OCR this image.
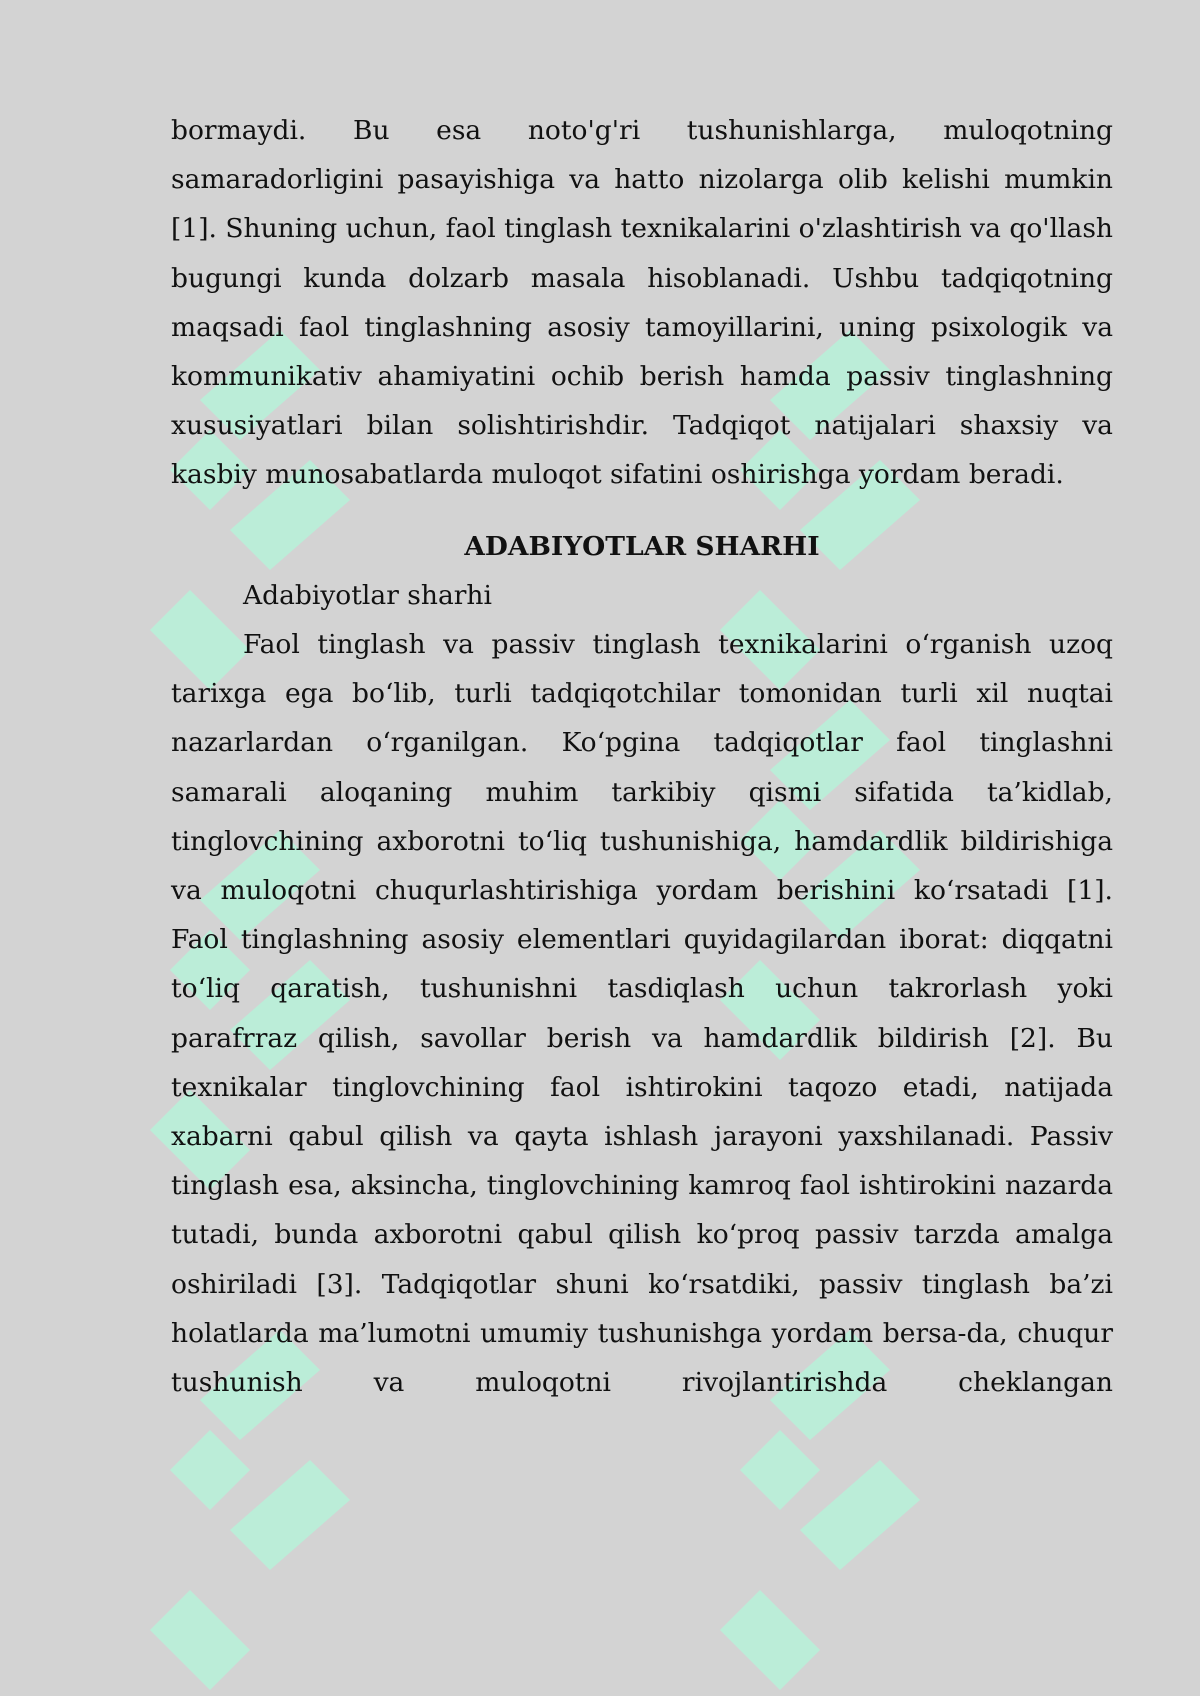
bormaydi. Bu esa noto'g'ri tushunishlarga, muloqotning samaradorligini pasayishiga va hatto nizolarga olib kelishi mumkin [1]. Shuning uchun, faol tinglash texnikalarini o'zlashtirish va qo'llash bugungi kunda dolzarb masala hisoblanadi. Ushbu tadqiqotning maqsadi faol tinglashning asosiy tamoyillarini, uning psixologik va kommunikativ ahamiyatini ochib berish hamda passiv tinglashning xususiyatlari bilan solishtirishdir. Tadqiqot natijalari shaxsiy va kasbiy munosabatlarda muloqot sifatini oshirishga yordam beradi.

ADABIYOTLAR SHARHI

Adabiyotlar sharhi

Faol tinglash va passiv tinglash texnikalarini o‘rganish uzoq tarixga ega bo‘lib, turli tadqiqotchilar tomonidan turli xil nuqtai nazarlardan o‘rganilgan. Ko‘pgina tadqiqotlar faol tinglashni samarali aloqaning muhim tarkibiy qismi sifatida ta’kidlab, tinglovchining axborotni to‘liq tushunishiga, hamdardlik bildirishiga va muloqotni chuqurlashtirishiga yordam berishini ko‘rsatadi [1]. Faol tinglashning asosiy elementlari quyidagilardan iborat: diqqatni to‘liq qaratish, tushunishni tasdiqlash uchun takrorlash yoki parafrraz qilish, savollar berish va hamdardlik bildirish [2]. Bu texnikalar tinglovchining faol ishtirokini taqozo etadi, natijada xabarni qabul qilish va qayta ishlash jarayoni yaxshilanadi. Passiv tinglash esa, aksincha, tinglovchining kamroq faol ishtirokini nazarda tutadi, bunda axborotni qabul qilish ko‘proq passiv tarzda amalga oshiriladi [3]. Tadqiqotlar shuni ko‘rsatdiki, passiv tinglash ba’zi holatlarda ma’lumotni umumiy tushunishga yordam bersa-da, chuqur tushunish va muloqotni rivojlantirishda cheklangan
